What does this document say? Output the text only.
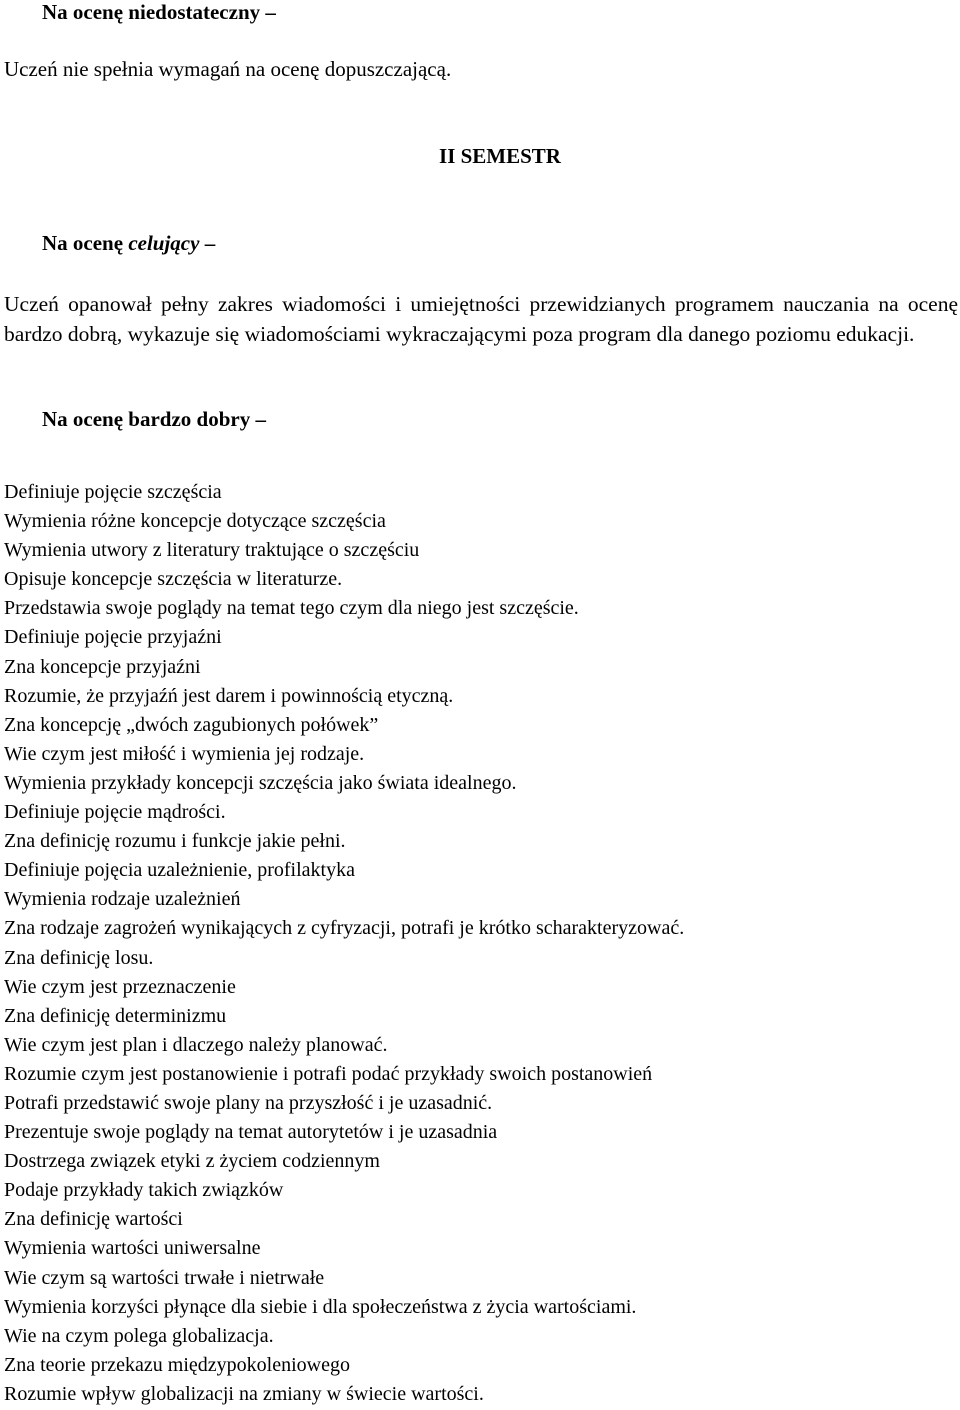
Na ocenę niedostateczny –
Uczeń nie spełnia wymagań na ocenę dopuszczającą.
II SEMESTR
Na ocenę celujący –
Uczeń opanował pełny zakres wiadomości i umiejętności przewidzianych programem nauczania na ocenę bardzo dobrą, wykazuje się wiadomościami wykraczającymi poza program dla danego poziomu edukacji.
Na ocenę bardzo dobry –
Definiuje pojęcie szczęścia
Wymienia różne koncepcje dotyczące szczęścia
Wymienia utwory z literatury traktujące o szczęściu
Opisuje koncepcje szczęścia w literaturze.
Przedstawia swoje poglądy na temat tego czym dla niego jest szczęście.
Definiuje pojęcie przyjaźni
Zna koncepcje przyjaźni
Rozumie, że przyjaźń jest darem i powinnością etyczną.
Zna koncepcję „dwóch zagubionych połówek”
Wie czym jest miłość i wymienia jej rodzaje.
Wymienia przykłady koncepcji szczęścia jako świata idealnego.
Definiuje pojęcie mądrości.
Zna definicję rozumu i funkcje jakie pełni.
Definiuje pojęcia uzależnienie, profilaktyka
Wymienia rodzaje uzależnień
Zna rodzaje zagrożeń wynikających z cyfryzacji, potrafi je krótko scharakteryzować.
Zna definicję losu.
Wie czym jest przeznaczenie
Zna definicję determinizmu
Wie czym jest plan i dlaczego należy planować.
Rozumie czym jest postanowienie i potrafi podać przykłady swoich postanowień
Potrafi przedstawić swoje plany na przyszłość i je uzasadnić.
Prezentuje swoje poglądy na temat autorytetów i je uzasadnia
Dostrzega związek etyki z życiem codziennym
Podaje przykłady takich związków
Zna definicję wartości
Wymienia wartości uniwersalne
Wie czym są wartości trwałe i nietrwałe
Wymienia korzyści płynące dla siebie i dla społeczeństwa z życia wartościami.
Wie na czym polega globalizacja.
Zna teorie przekazu międzypokoleniowego
Rozumie wpływ globalizacji na zmiany w świecie wartości.
